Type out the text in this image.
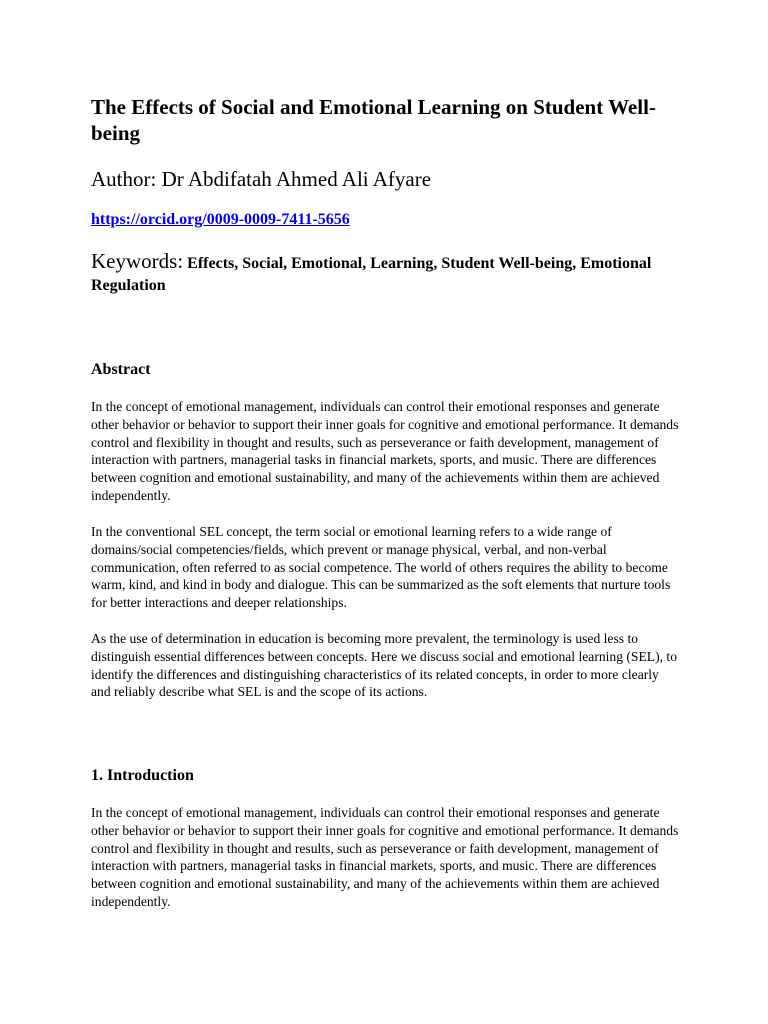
The Effects of Social and Emotional Learning on Student Well-being

Author: Dr Abdifatah Ahmed Ali Afyare

https://orcid.org/0009-0009-7411-5656

Keywords: Effects, Social, Emotional, Learning, Student Well-being, Emotional Regulation

Abstract

In the concept of emotional management, individuals can control their emotional responses and generate other behavior or behavior to support their inner goals for cognitive and emotional performance. It demands control and flexibility in thought and results, such as perseverance or faith development, management of interaction with partners, managerial tasks in financial markets, sports, and music. There are differences between cognition and emotional sustainability, and many of the achievements within them are achieved independently.

In the conventional SEL concept, the term social or emotional learning refers to a wide range of domains/social competencies/fields, which prevent or manage physical, verbal, and non-verbal communication, often referred to as social competence. The world of others requires the ability to become warm, kind, and kind in body and dialogue. This can be summarized as the soft elements that nurture tools for better interactions and deeper relationships.

As the use of determination in education is becoming more prevalent, the terminology is used less to distinguish essential differences between concepts. Here we discuss social and emotional learning (SEL), to identify the differences and distinguishing characteristics of its related concepts, in order to more clearly and reliably describe what SEL is and the scope of its actions.

1. Introduction

In the concept of emotional management, individuals can control their emotional responses and generate other behavior or behavior to support their inner goals for cognitive and emotional performance. It demands control and flexibility in thought and results, such as perseverance or faith development, management of interaction with partners, managerial tasks in financial markets, sports, and music. There are differences between cognition and emotional sustainability, and many of the achievements within them are achieved independently.
